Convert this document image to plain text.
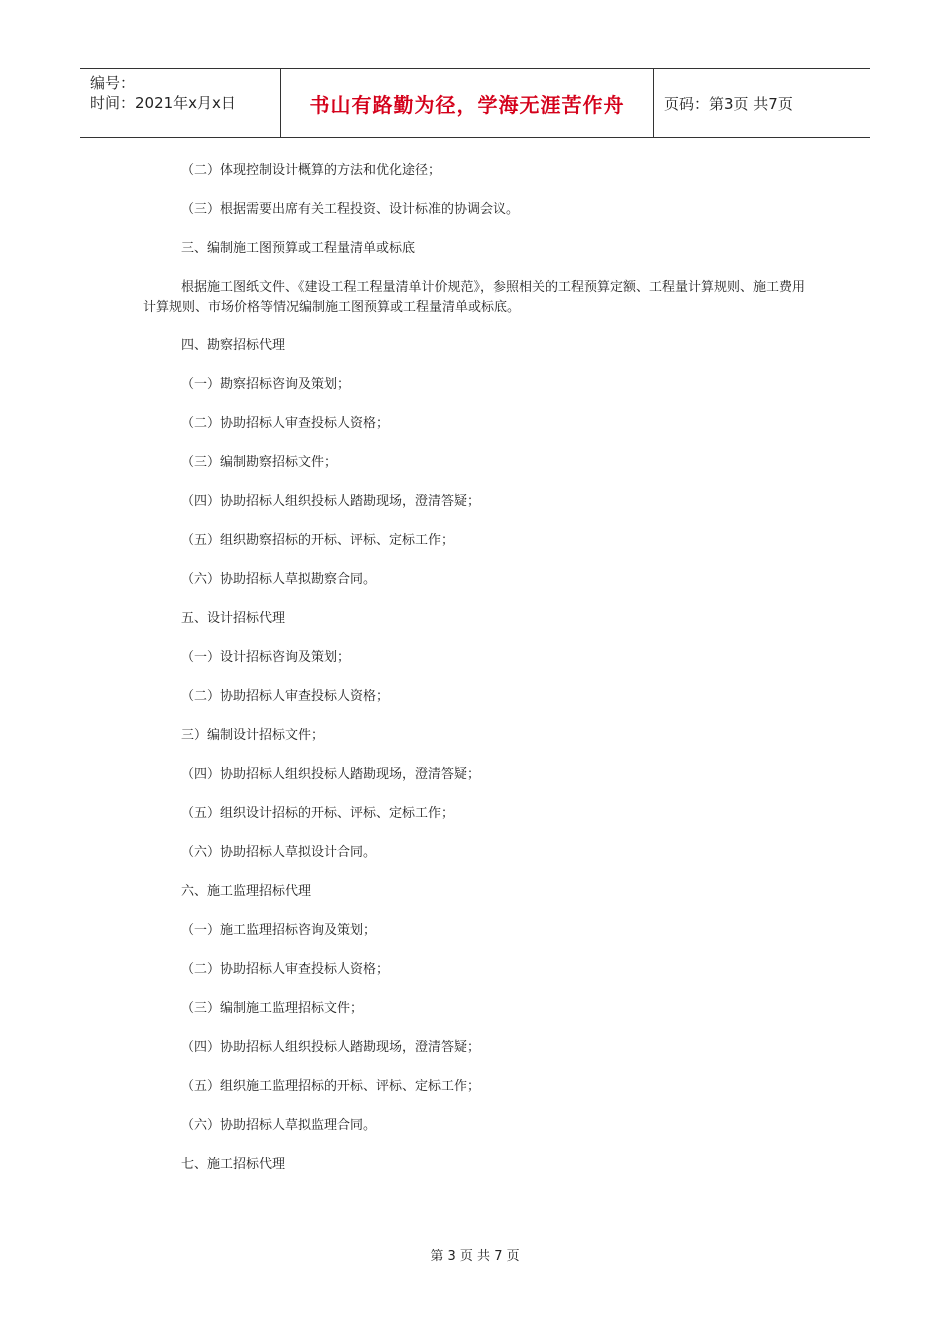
编号：
时间：2021年x月x日	书山有路勤为径，学海无涯苦作舟	页码：第3页 共7页
（二）体现控制设计概算的方法和优化途径；
（三）根据需要出席有关工程投资、设计标准的协调会议。
三、编制施工图预算或工程量清单或标底
根据施工图纸文件、《建设工程工程量清单计价规范》，参照相关的工程预算定额、工程量计算规则、施工费用计算规则、市场价格等情况编制施工图预算或工程量清单或标底。
四、勘察招标代理
（一）勘察招标咨询及策划；
（二）协助招标人审查投标人资格；
（三）编制勘察招标文件；
（四）协助招标人组织投标人踏勘现场，澄清答疑；
（五）组织勘察招标的开标、评标、定标工作；
（六）协助招标人草拟勘察合同。
五、设计招标代理
（一）设计招标咨询及策划；
（二）协助招标人审查投标人资格；
三）编制设计招标文件；
（四）协助招标人组织投标人踏勘现场，澄清答疑；
（五）组织设计招标的开标、评标、定标工作；
（六）协助招标人草拟设计合同。
六、施工监理招标代理
（一）施工监理招标咨询及策划；
（二）协助招标人审查投标人资格；
（三）编制施工监理招标文件；
（四）协助招标人组织投标人踏勘现场，澄清答疑；
（五）组织施工监理招标的开标、评标、定标工作；
（六）协助招标人草拟监理合同。
七、施工招标代理
第 3 页 共 7 页
